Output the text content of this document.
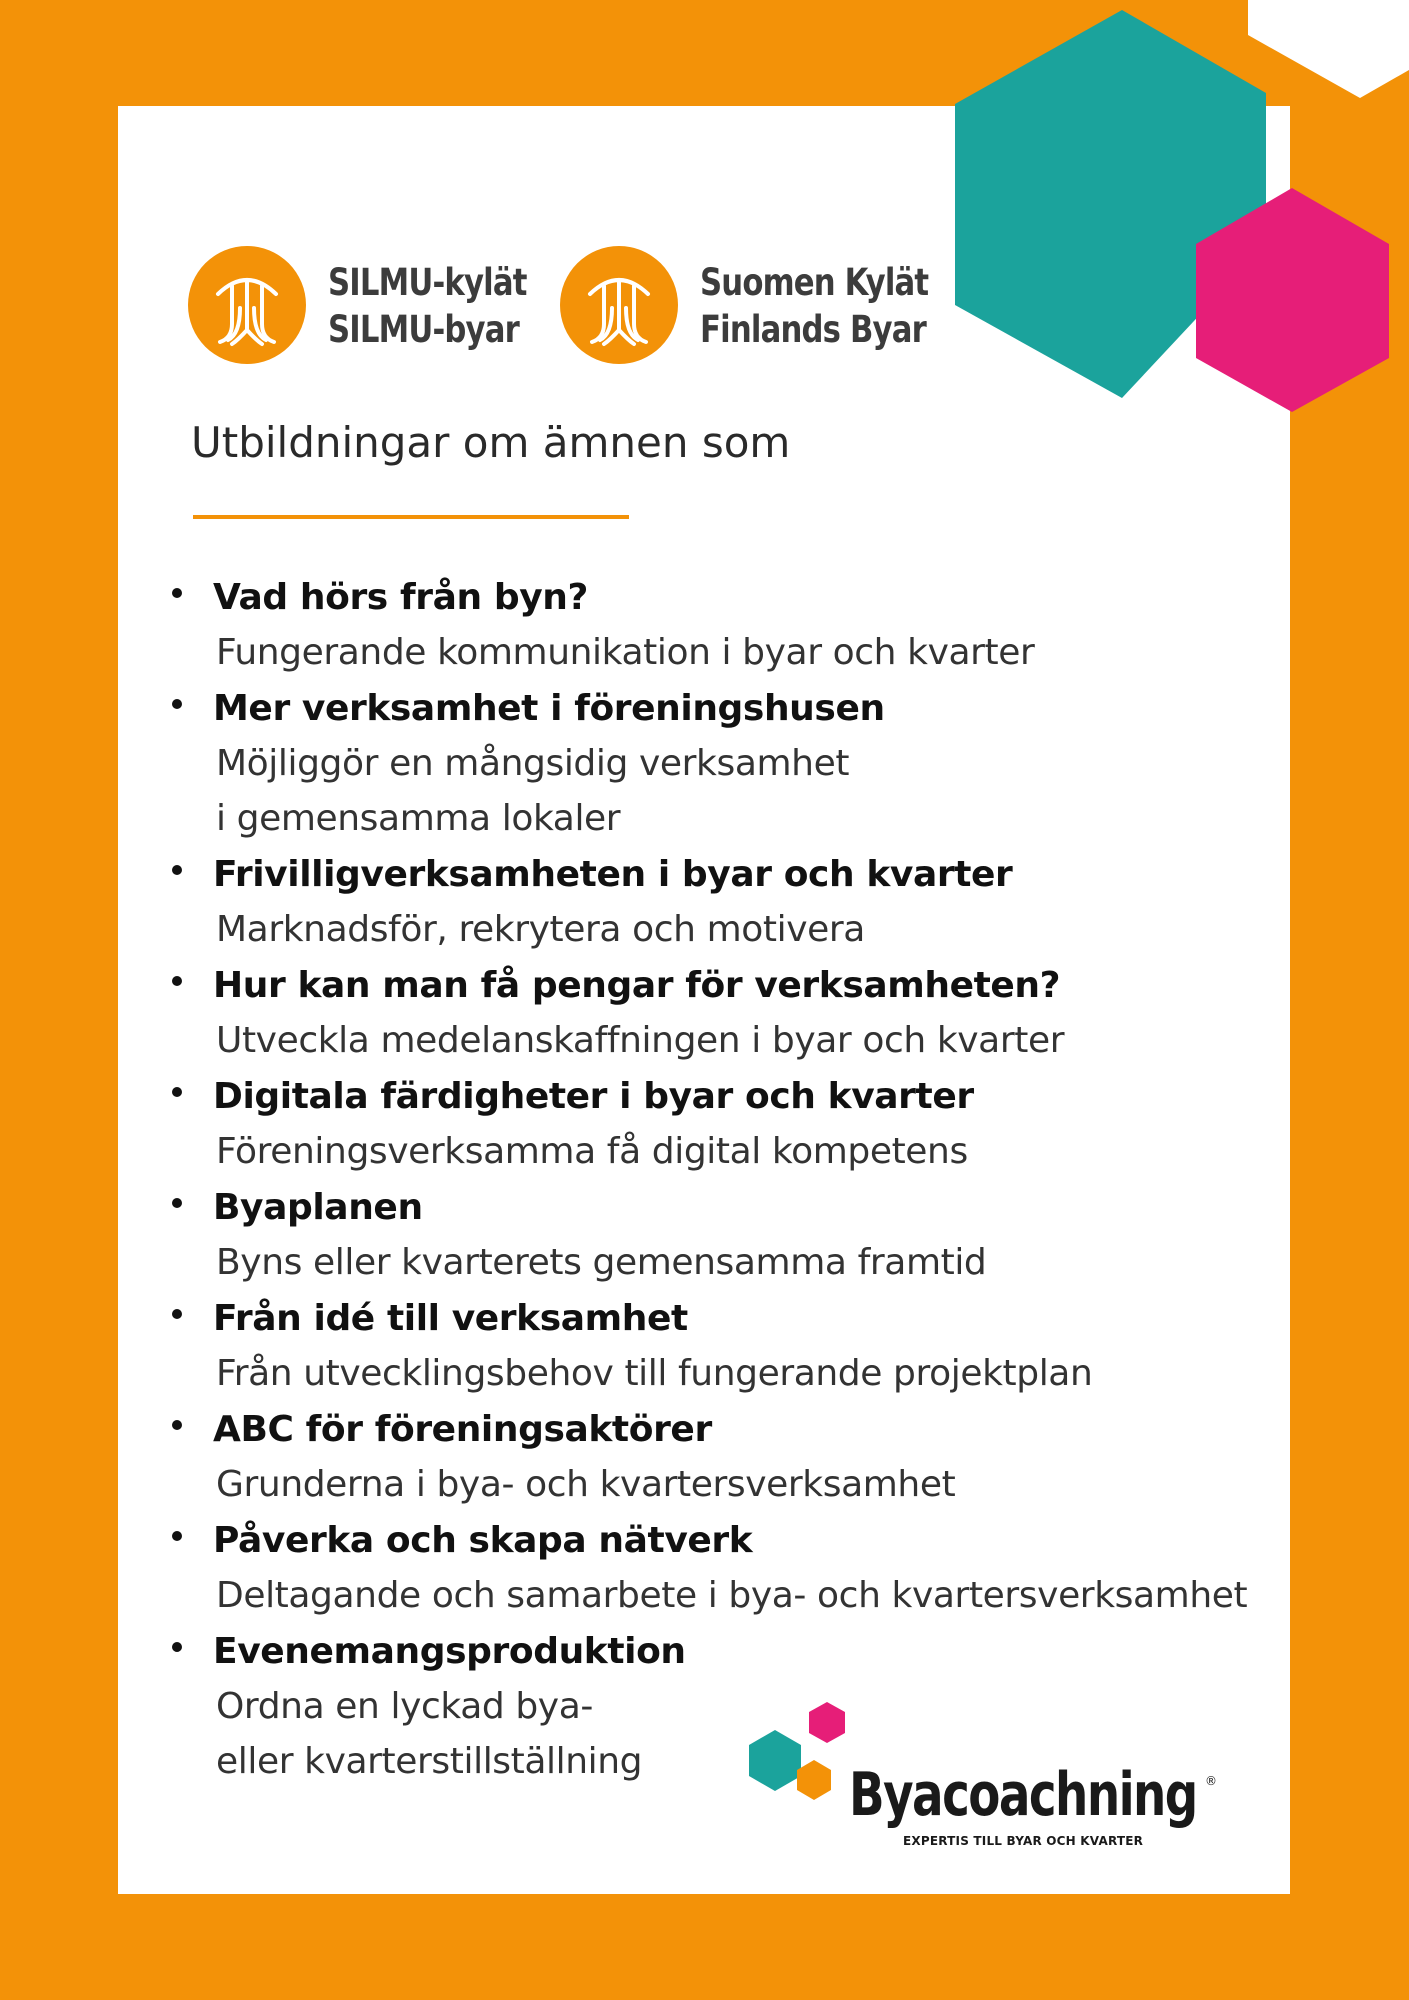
SILMU-kylät
SILMU-byar
Suomen Kylät
Finlands Byar
Utbildningar om ämnen som
Vad hörs från byn?
Fungerande kommunikation i byar och kvarter
Mer verksamhet i föreningshusen
Möjliggör en mångsidig verksamhet
i gemensamma lokaler
Frivilligverksamheten i byar och kvarter
Marknadsför, rekrytera och motivera
Hur kan man få pengar för verksamheten?
Utveckla medelanskaffningen i byar och kvarter
Digitala färdigheter i byar och kvarter
Föreningsverksamma få digital kompetens
Byaplanen
Byns eller kvarterets gemensamma framtid
Från idé till verksamhet
Från utvecklingsbehov till fungerande projektplan
ABC för föreningsaktörer
Grunderna i bya- och kvartersverksamhet
Påverka och skapa nätverk
Deltagande och samarbete i bya- och kvartersverksamhet
Evenemangsproduktion
Ordna en lyckad bya-
eller kvarterstillställning	Byacoachning ®
EXPERTIS TILL BYAR OCH KVARTER
